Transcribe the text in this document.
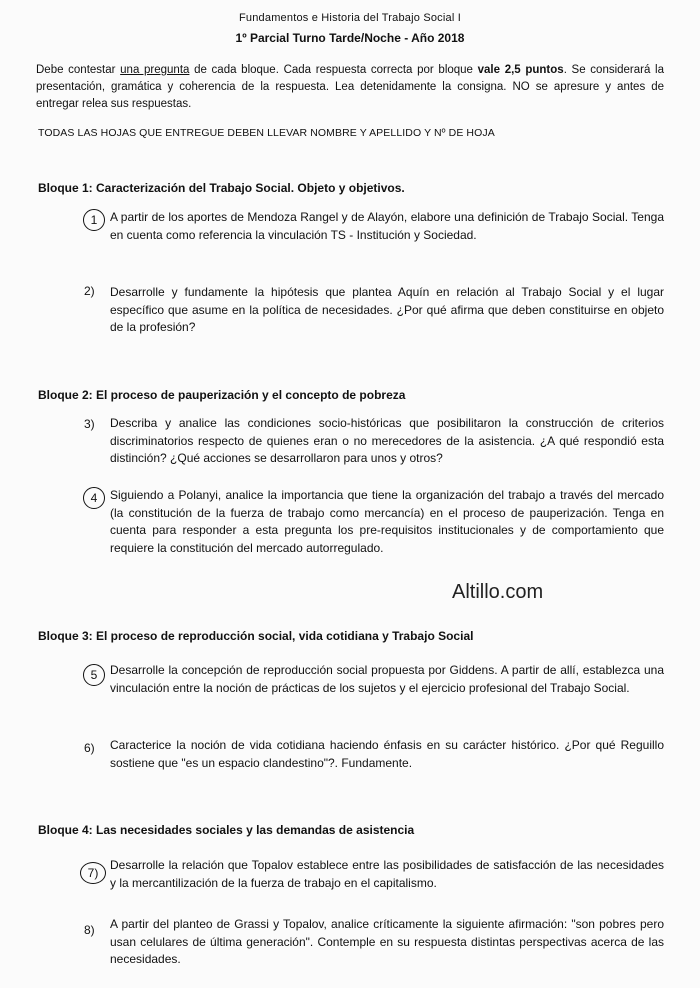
Fundamentos e Historia del Trabajo Social I
1º Parcial Turno Tarde/Noche - Año 2018
Debe contestar una pregunta de cada bloque. Cada respuesta correcta por bloque vale 2,5 puntos. Se considerará la presentación, gramática y coherencia de la respuesta. Lea detenidamente la consigna. NO se apresure y antes de entregar relea sus respuestas.
TODAS LAS HOJAS QUE ENTREGUE DEBEN LLEVAR NOMBRE Y APELLIDO Y Nº DE HOJA
Bloque 1: Caracterización del Trabajo Social. Objeto y objetivos.
1	A partir de los aportes de Mendoza Rangel y de Alayón, elabore una definición de Trabajo Social. Tenga en cuenta como referencia la vinculación TS - Institución y Sociedad.
2)	Desarrolle y fundamente la hipótesis que plantea Aquín en relación al Trabajo Social y el lugar específico que asume en la política de necesidades. ¿Por qué afirma que deben constituirse en objeto de la profesión?
Bloque 2: El proceso de pauperización y el concepto de pobreza
3)	Describa y analice las condiciones socio-históricas que posibilitaron la construcción de criterios discriminatorios respecto de quienes eran o no merecedores de la asistencia. ¿A qué respondió esta distinción? ¿Qué acciones se desarrollaron para unos y otros?
4	Siguiendo a Polanyi, analice la importancia que tiene la organización del trabajo a través del mercado (la constitución de la fuerza de trabajo como mercancía) en el proceso de pauperización. Tenga en cuenta para responder a esta pregunta los pre-requisitos institucionales y de comportamiento que requiere la constitución del mercado autorregulado.
Altillo.com
Bloque 3: El proceso de reproducción social, vida cotidiana y Trabajo Social
5	Desarrolle la concepción de reproducción social propuesta por Giddens. A partir de allí, establezca una vinculación entre la noción de prácticas de los sujetos y el ejercicio profesional del Trabajo Social.
6)	Caracterice la noción de vida cotidiana haciendo énfasis en su carácter histórico. ¿Por qué Reguillo sostiene que "es un espacio clandestino"?. Fundamente.
Bloque 4: Las necesidades sociales y las demandas de asistencia
7)
Desarrolle la relación que Topalov establece entre las posibilidades de satisfacción de las necesidades y la mercantilización de la fuerza de trabajo en el capitalismo.
8)	A partir del planteo de Grassi y Topalov, analice críticamente la siguiente afirmación: "son pobres pero usan celulares de última generación". Contemple en su respuesta distintas perspectivas acerca de las necesidades.
